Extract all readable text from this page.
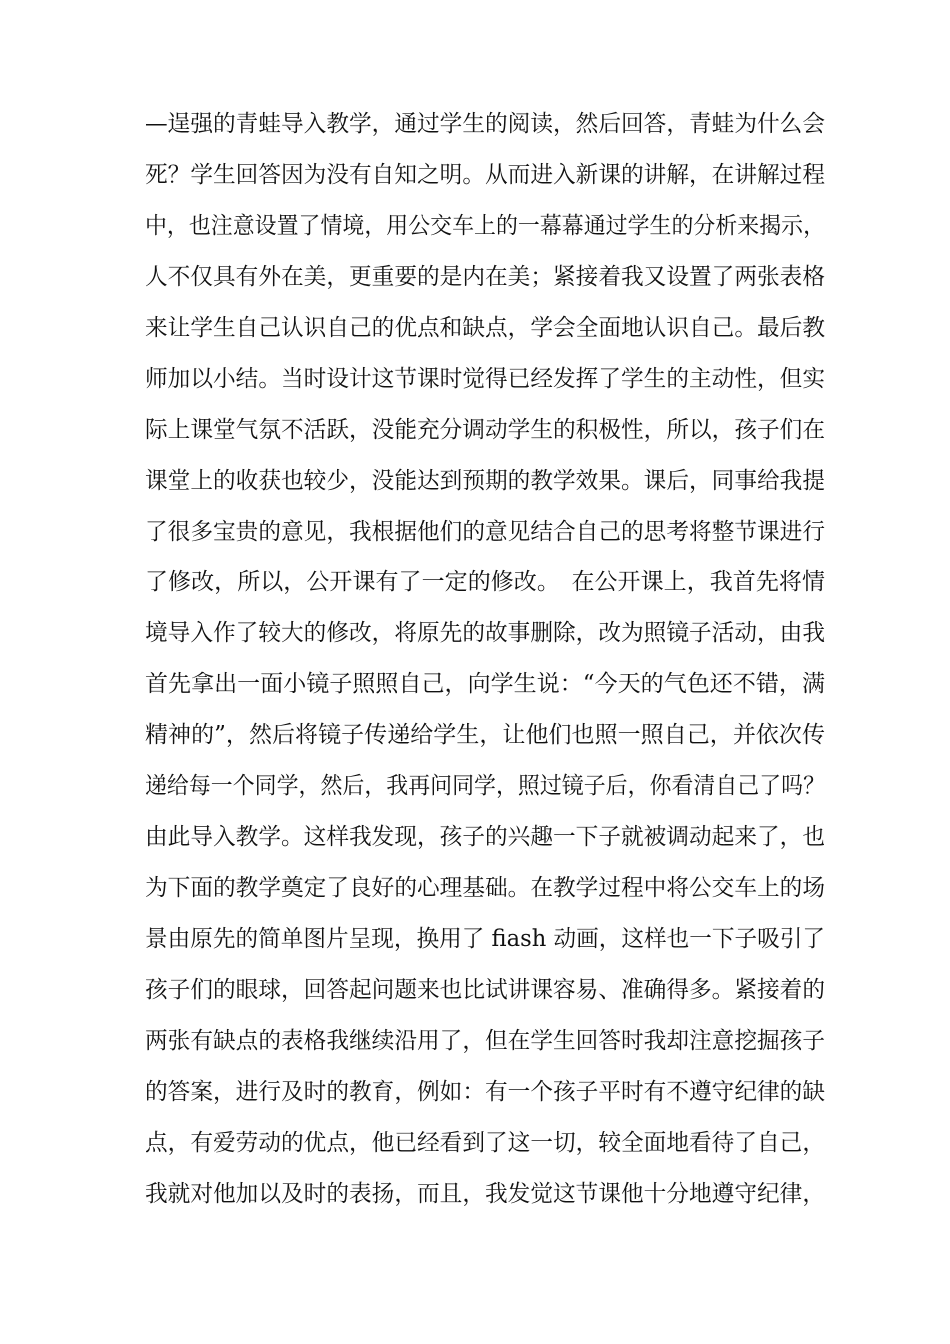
—逞强的青蛙导入教学，通过学生的阅读，然后回答，青蛙为什么会
死？学生回答因为没有自知之明。从而进入新课的讲解，在讲解过程
中，也注意设置了情境，用公交车上的一幕幕通过学生的分析来揭示，
人不仅具有外在美，更重要的是内在美；紧接着我又设置了两张表格
来让学生自己认识自己的优点和缺点，学会全面地认识自己。最后教
师加以小结。当时设计这节课时觉得已经发挥了学生的主动性，但实
际上课堂气氛不活跃，没能充分调动学生的积极性，所以，孩子们在
课堂上的收获也较少，没能达到预期的教学效果。课后，同事给我提
了很多宝贵的意见，我根据他们的意见结合自己的思考将整节课进行
了修改，所以，公开课有了一定的修改。　在公开课上，我首先将情
境导入作了较大的修改，将原先的故事删除，改为照镜子活动，由我
首先拿出一面小镜子照照自己，向学生说：“今天的气色还不错，满
精神的”，然后将镜子传递给学生，让他们也照一照自己，并依次传
递给每一个同学，然后，我再问同学，照过镜子后，你看清自己了吗？
由此导入教学。这样我发现，孩子的兴趣一下子就被调动起来了，也
为下面的教学奠定了良好的心理基础。在教学过程中将公交车上的场
景由原先的简单图片呈现，换用了 fiash 动画，这样也一下子吸引了
孩子们的眼球，回答起问题来也比试讲课容易、准确得多。紧接着的
两张有缺点的表格我继续沿用了，但在学生回答时我却注意挖掘孩子
的答案，进行及时的教育，例如：有一个孩子平时有不遵守纪律的缺
点，有爱劳动的优点，他已经看到了这一切，较全面地看待了自己，
我就对他加以及时的表扬，而且，我发觉这节课他十分地遵守纪律，
